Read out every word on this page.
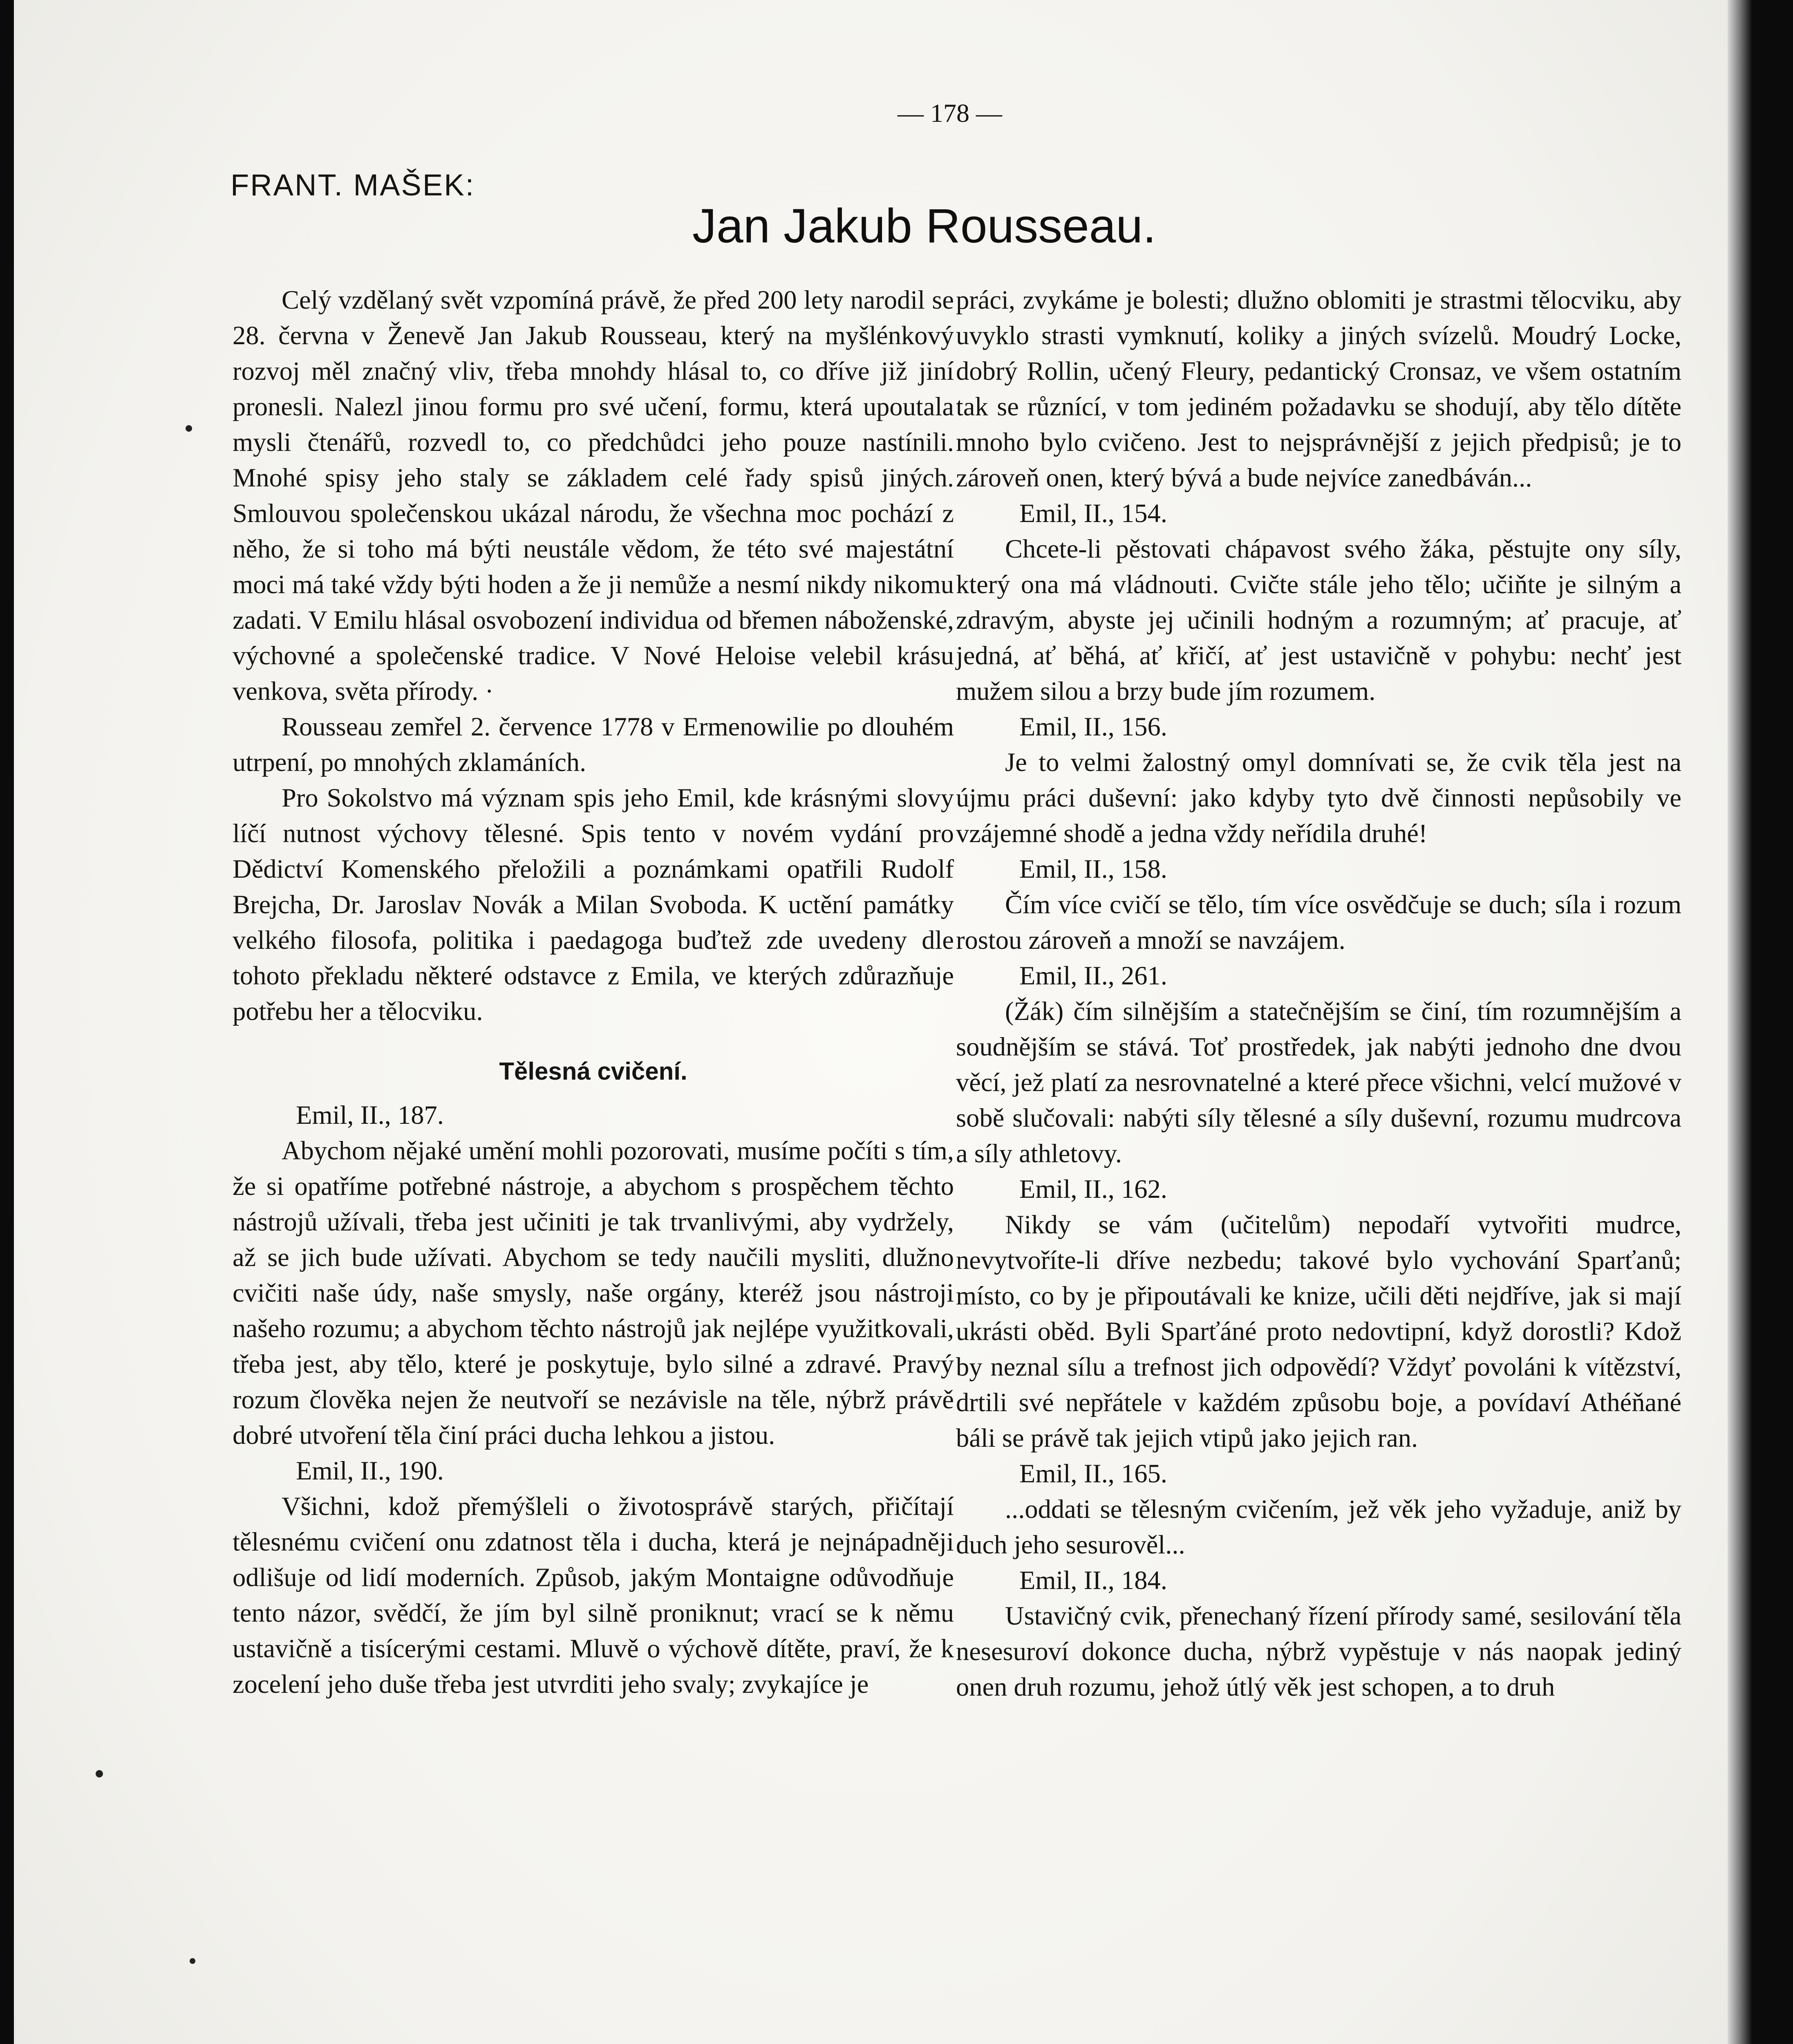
— 178 —
FRANT. MAŠEK:
Jan Jakub Rousseau.

Celý vzdělaný svět vzpomíná právě, že před 200 lety narodil se 28. června v Ženevě Jan Jakub Rousseau, který na myšlénkový rozvoj měl značný vliv, třeba mnohdy hlásal to, co dříve již jiní pronesli. Nalezl jinou formu pro své učení, formu, která upoutala mysli čtenářů, rozvedl to, co předchůdci jeho pouze nastínili. Mnohé spisy jeho staly se základem celé řady spisů jiných. Smlouvou společenskou ukázal národu, že všechna moc pochází z něho, že si toho má býti neustále vědom, že této své majestátní moci má také vždy býti hoden a že ji nemůže a nesmí nikdy nikomu zadati. V Emilu hlásal osvobození individua od břemen náboženské, výchovné a společenské tradice. V Nové Heloise velebil krásu venkova, světa přírody. ·

Rousseau zemřel 2. července 1778 v Ermenowilie po dlouhém utrpení, po mnohých zklamáních.

Pro Sokolstvo má význam spis jeho Emil, kde krásnými slovy líčí nutnost výchovy tělesné. Spis tento v novém vydání pro Dědictví Komenského přeložili a poznámkami opatřili Rudolf Brejcha, Dr. Jaroslav Novák a Milan Svoboda. K uctění památky velkého filosofa, politika i paedagoga buďtež zde uvedeny dle tohoto překladu některé odstavce z Emila, ve kterých zdůrazňuje potřebu her a tělocviku.

Tělesná cvičení.

Emil, II., 187.

Abychom nějaké umění mohli pozorovati, musíme počíti s tím, že si opatříme potřebné nástroje, a abychom s prospěchem těchto nástrojů užívali, třeba jest učiniti je tak trvanlivými, aby vydržely, až se jich bude užívati. Abychom se tedy naučili mysliti, dlužno cvičiti naše údy, naše smysly, naše orgány, kteréž jsou nástroji našeho rozumu; a abychom těchto nástrojů jak nejlépe využitkovali, třeba jest, aby tělo, které je poskytuje, bylo silné a zdravé. Pravý rozum člověka nejen že neutvoří se nezávisle na těle, nýbrž právě dobré utvoření těla činí práci ducha lehkou a jistou.

Emil, II., 190.

Všichni, kdož přemýšleli o životosprávě starých, přičítají tělesnému cvičení onu zdatnost těla i ducha, která je nejnápadněji odlišuje od lidí moderních. Způsob, jakým Montaigne odůvodňuje tento názor, svědčí, že jím byl silně proniknut; vrací se k němu ustavičně a tisícerými cestami. Mluvě o výchově dítěte, praví, že k zocelení jeho duše třeba jest utvrditi jeho svaly; zvykajíce je

práci, zvykáme je bolesti; dlužno oblomiti je strastmi tělocviku, aby uvyklo strasti vymknutí, koliky a jiných svízelů. Moudrý Locke, dobrý Rollin, učený Fleury, pedantický Cronsaz, ve všem ostatním tak se různící, v tom jediném požadavku se shodují, aby tělo dítěte mnoho bylo cvičeno. Jest to nejsprávnější z jejich předpisů; je to zároveň onen, který bývá a bude nejvíce zanedbáván...

Emil, II., 154.

Chcete-li pěstovati chápavost svého žáka, pěstujte ony síly, který ona má vládnouti. Cvičte stále jeho tělo; učiňte je silným a zdravým, abyste jej učinili hodným a rozumným; ať pracuje, ať jedná, ať běhá, ať křičí, ať jest ustavičně v pohybu: nechť jest mužem silou a brzy bude jím rozumem.

Emil, II., 156.

Je to velmi žalostný omyl domnívati se, že cvik těla jest na újmu práci duševní: jako kdyby tyto dvě činnosti nepůsobily ve vzájemné shodě a jedna vždy neřídila druhé!

Emil, II., 158.

Čím více cvičí se tělo, tím více osvědčuje se duch; síla i rozum rostou zároveň a množí se navzájem.

Emil, II., 261.

(Žák) čím silnějším a statečnějším se činí, tím rozumnějším a soudnějším se stává. Toť prostředek, jak nabýti jednoho dne dvou věcí, jež platí za nesrovnatelné a které přece všichni, velcí mužové v sobě slučovali: nabýti síly tělesné a síly duševní, rozumu mudrcova a síly athletovy.

Emil, II., 162.

Nikdy se vám (učitelům) nepodaří vytvořiti mudrce, nevytvoříte-li dříve nezbedu; takové bylo vychování Sparťanů; místo, co by je připoutávali ke knize, učili děti nejdříve, jak si mají ukrásti oběd. Byli Sparťáné proto nedovtipní, když dorostli? Kdož by neznal sílu a trefnost jich odpovědí? Vždyť povoláni k vítězství, drtili své nepřátele v každém způsobu boje, a povídaví Athéňané báli se právě tak jejich vtipů jako jejich ran.

Emil, II., 165.

...oddati se tělesným cvičením, jež věk jeho vyžaduje, aniž by duch jeho sesurověl...

Emil, II., 184.

Ustavičný cvik, přenechaný řízení přírody samé, sesilování těla nesesuroví dokonce ducha, nýbrž vypěstuje v nás naopak jediný onen druh rozumu, jehož útlý věk jest schopen, a to druh
